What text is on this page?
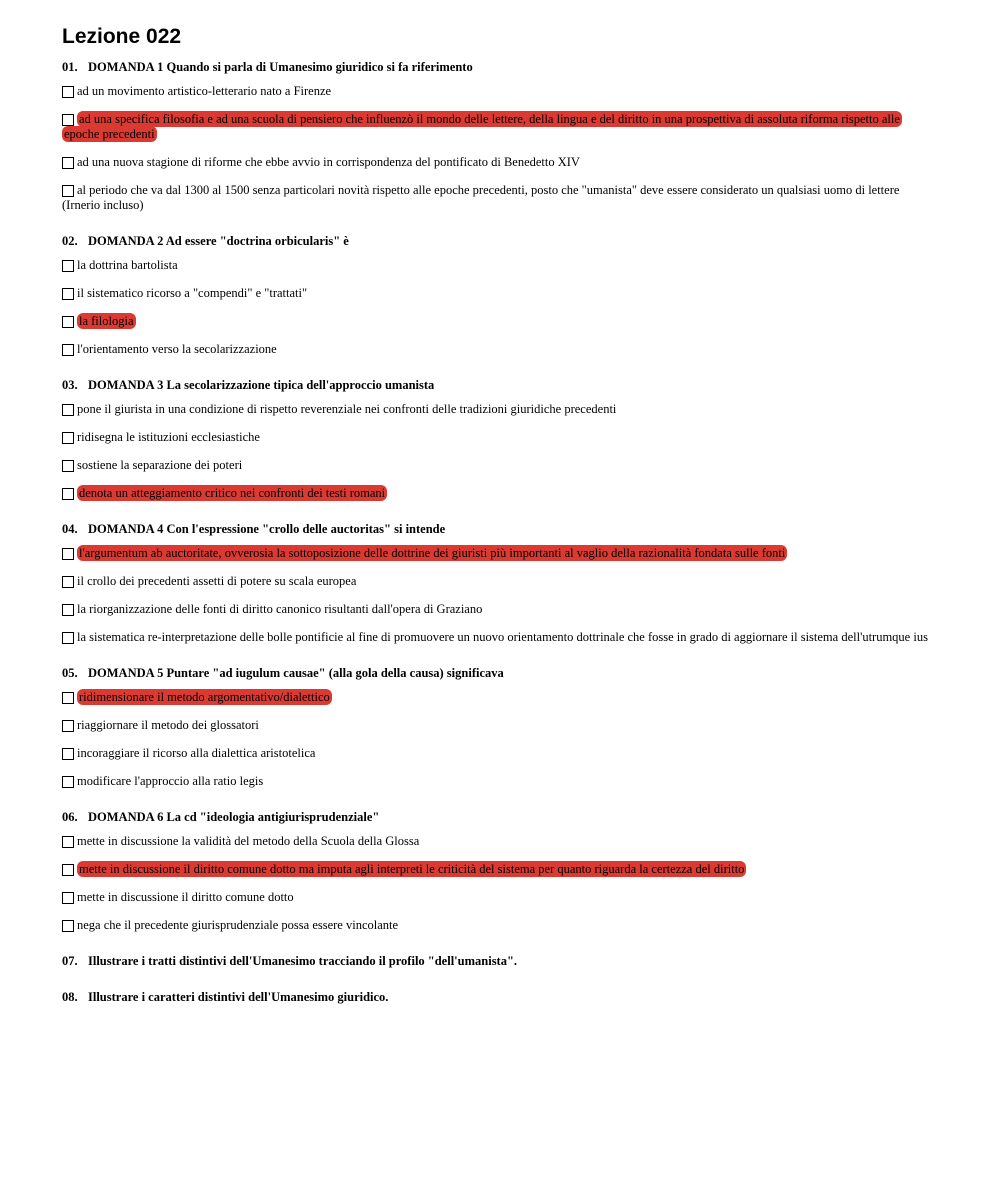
Lezione 022
01. DOMANDA 1 Quando si parla di Umanesimo giuridico si fa riferimento
ad un movimento artistico-letterario nato a Firenze
ad una specifica filosofia e ad una scuola di pensiero che influenzò il mondo delle lettere, della lingua e del diritto in una prospettiva di assoluta riforma rispetto alle epoche precedenti
ad una nuova stagione di riforme che ebbe avvio in corrispondenza del pontificato di Benedetto XIV
al periodo che va dal 1300 al 1500 senza particolari novità rispetto alle epoche precedenti, posto che "umanista" deve essere considerato un qualsiasi uomo di lettere (Irnerio incluso)
02. DOMANDA 2 Ad essere "doctrina orbicularis" è
la dottrina bartolista
il sistematico ricorso a "compendi" e "trattati"
la filologia
l'orientamento verso la secolarizzazione
03. DOMANDA 3 La secolarizzazione tipica dell'approccio umanista
pone il giurista in una condizione di rispetto reverenziale nei confronti delle tradizioni giuridiche precedenti
ridisegna le istituzioni ecclesiastiche
sostiene la separazione dei poteri
denota un atteggiamento critico nei confronti dei testi romani
04. DOMANDA 4 Con l'espressione "crollo delle auctoritas" si intende
l'argumentum ab auctoritate, ovverosia la sottoposizione delle dottrine dei giuristi più importanti al vaglio della razionalità fondata sulle fonti
il crollo dei precedenti assetti di potere su scala europea
la riorganizzazione delle fonti di diritto canonico risultanti dall'opera di Graziano
la sistematica re-interpretazione delle bolle pontificie al fine di promuovere un nuovo orientamento dottrinale che fosse in grado di aggiornare il sistema dell'utrumque ius
05. DOMANDA 5 Puntare "ad iugulum causae" (alla gola della causa) significava
ridimensionare il metodo argomentativo/dialettico
riaggiornare il metodo dei glossatori
incoraggiare il ricorso alla dialettica aristotelica
modificare l'approccio alla ratio legis
06. DOMANDA 6 La cd "ideologia antigiurisprudenziale"
mette in discussione la validità del metodo della Scuola della Glossa
mette in discussione il diritto comune dotto ma imputa agli interpreti le criticità del sistema per quanto riguarda la certezza del diritto
mette in discussione il diritto comune dotto
nega che il precedente giurisprudenziale possa essere vincolante
07. Illustrare i tratti distintivi dell'Umanesimo tracciando il profilo "dell'umanista".
08. Illustrare i caratteri distintivi dell'Umanesimo giuridico.
